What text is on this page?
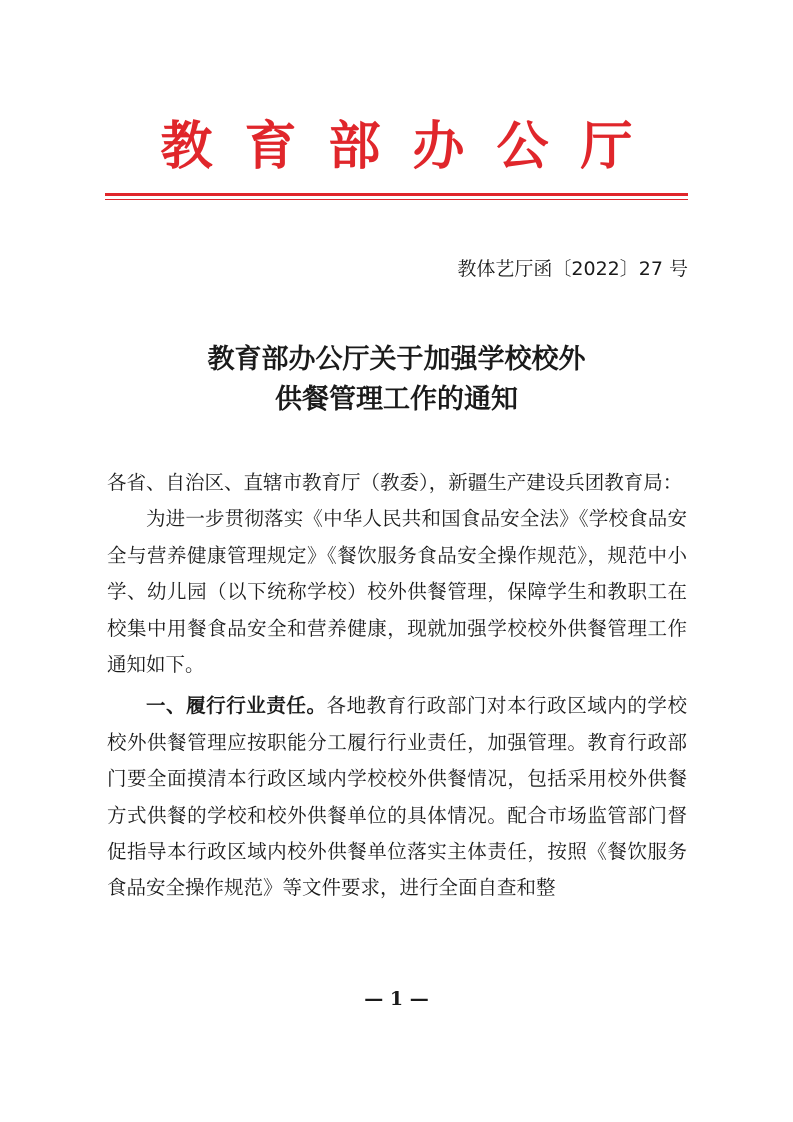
教育部办公厅
教体艺厅函〔2022〕27 号
教育部办公厅关于加强学校校外
供餐管理工作的通知

各省、自治区、直辖市教育厅（教委），新疆生产建设兵团教育局：

为进一步贯彻落实《中华人民共和国食品安全法》《学校食品安全与营养健康管理规定》《餐饮服务食品安全操作规范》，规范中小学、幼儿园（以下统称学校）校外供餐管理，保障学生和教职工在校集中用餐食品安全和营养健康，现就加强学校校外供餐管理工作通知如下。

一、履行行业责任。各地教育行政部门对本行政区域内的学校校外供餐管理应按职能分工履行行业责任，加强管理。教育行政部门要全面摸清本行政区域内学校校外供餐情况，包括采用校外供餐方式供餐的学校和校外供餐单位的具体情况。配合市场监管部门督促指导本行政区域内校外供餐单位落实主体责任，按照《餐饮服务食品安全操作规范》等文件要求，进行全面自查和整

— 1 —
